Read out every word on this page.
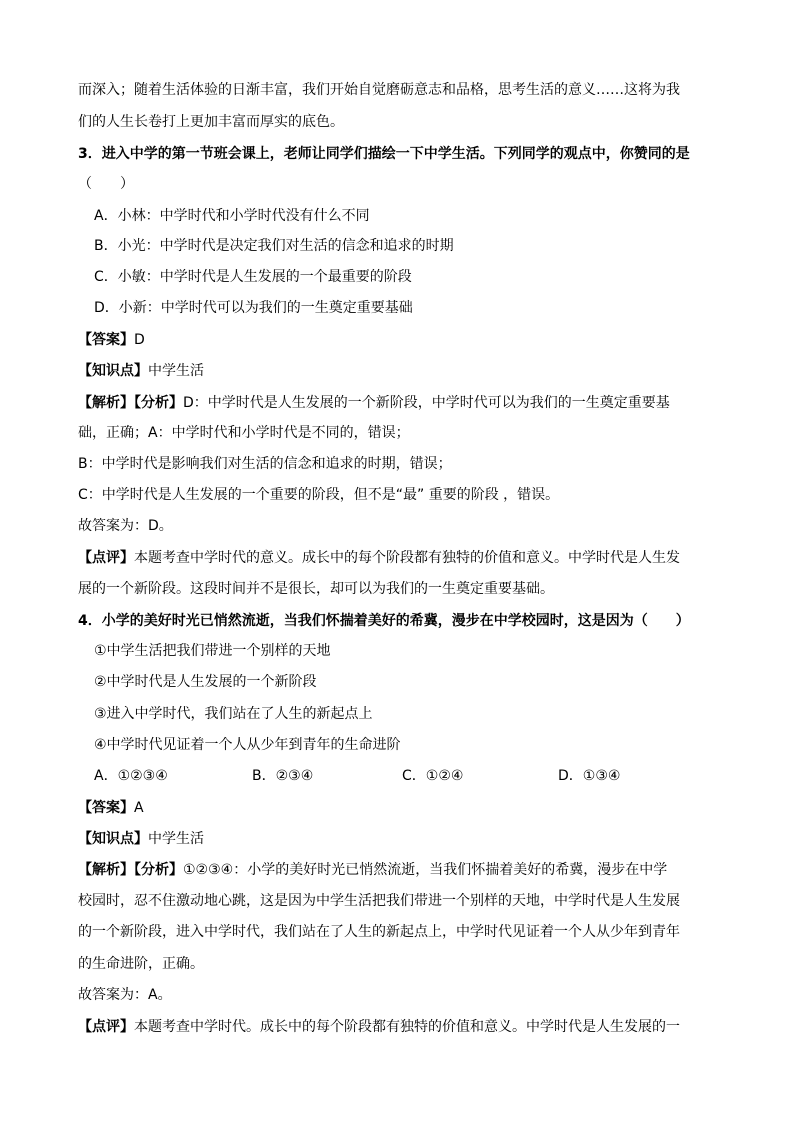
而深入；随着生活体验的日渐丰富，我们开始自觉磨砺意志和品格，思考生活的意义……这将为我
们的人生长卷打上更加丰富而厚实的底色。
3．进入中学的第一节班会课上，老师让同学们描绘一下中学生活。下列同学的观点中，你赞同的是
（　　）
A．小林：中学时代和小学时代没有什么不同
B．小光：中学时代是决定我们对生活的信念和追求的时期
C．小敏：中学时代是人生发展的一个最重要的阶段
D．小新：中学时代可以为我们的一生奠定重要基础
【答案】D
【知识点】中学生活
【解析】【分析】D：中学时代是人生发展的一个新阶段，中学时代可以为我们的一生奠定重要基
础，正确；A：中学时代和小学时代是不同的，错误；
B：中学时代是影响我们对生活的信念和追求的时期，错误；
C：中学时代是人生发展的一个重要的阶段，但不是“最” 重要的阶段 ，错误。
故答案为：D。
【点评】本题考查中学时代的意义。成长中的每个阶段都有独特的价值和意义。中学时代是人生发
展的一个新阶段。这段时间并不是很长，却可以为我们的一生奠定重要基础。
4．小学的美好时光已悄然流逝，当我们怀揣着美好的希冀，漫步在中学校园时，这是因为（　　）
①中学生活把我们带进一个别样的天地
②中学时代是人生发展的一个新阶段
③进入中学时代，我们站在了人生的新起点上
④中学时代见证着一个人从少年到青年的生命进阶
A．①②③④	B．②③④	C．①②④	D．①③④
【答案】A
【知识点】中学生活
【解析】【分析】①②③④：小学的美好时光已悄然流逝，当我们怀揣着美好的希冀，漫步在中学
校园时，忍不住激动地心跳，这是因为中学生活把我们带进一个别样的天地，中学时代是人生发展
的一个新阶段，进入中学时代，我们站在了人生的新起点上，中学时代见证着一个人从少年到青年
的生命进阶，正确。
故答案为：A。
【点评】本题考查中学时代。成长中的每个阶段都有独特的价值和意义。中学时代是人生发展的一
